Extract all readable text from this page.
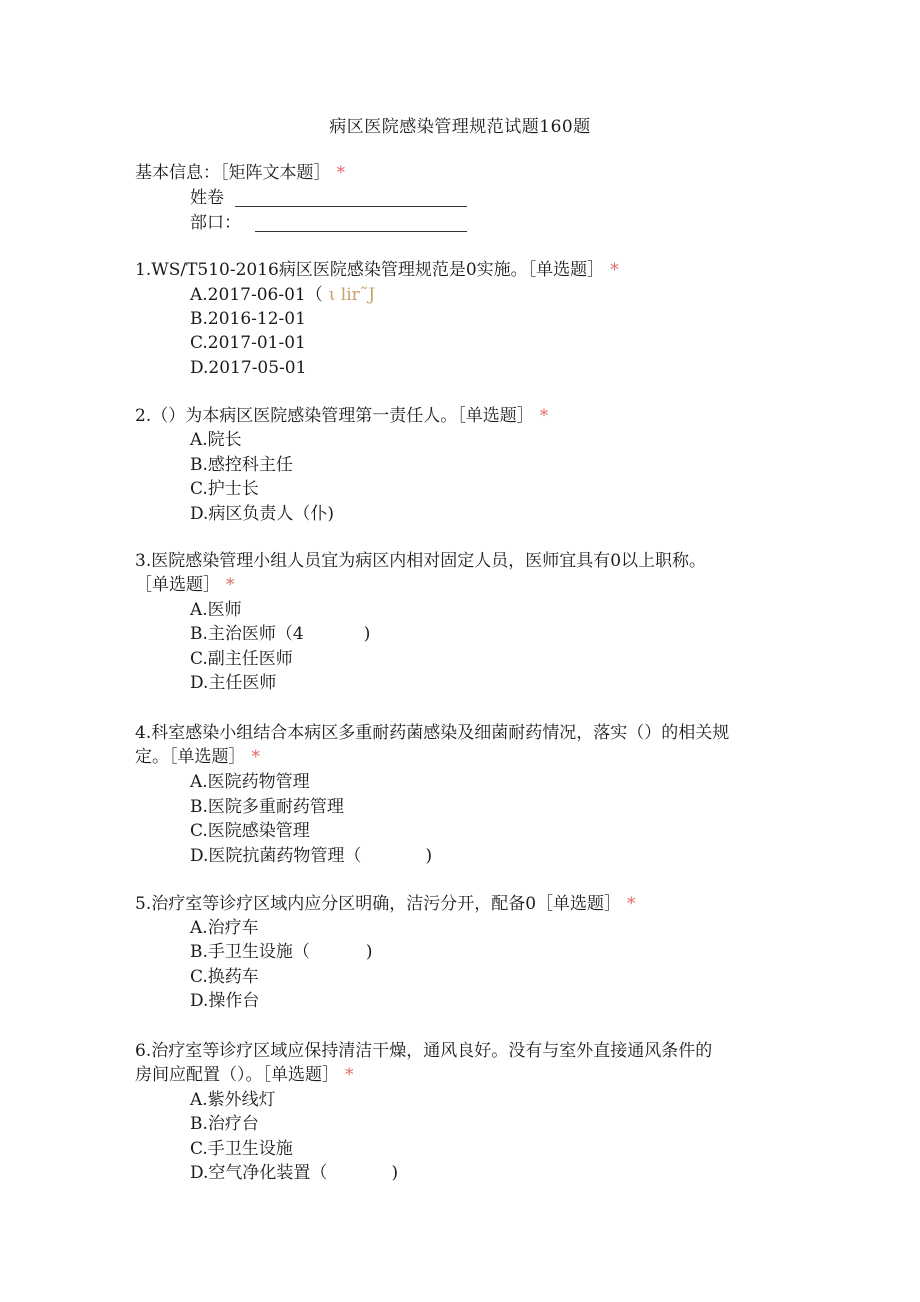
病区医院感染管理规范试题160题
基本信息：［矩阵文本题］ *
姓卷
部口：
1.WS/T510-2016病区医院感染管理规范是0实施。［单选题］ *
A.2017-06-01（ ι lir˜J
B.2016-12-01
C.2017-01-01
D.2017-05-01
2.（）为本病区医院感染管理第一责任人。［单选题］ *
A.院长
B.感控科主任
C.护士长
D.病区负责人（仆)
3.医院感染管理小组人员宜为病区内相对固定人员，医师宜具有0以上职称。
［单选题］ *
A.医师
B.主治医师（4	)
C.副主任医师
D.主任医师
4.科室感染小组结合本病区多重耐药菌感染及细菌耐药情况，落实（）的相关规
定。［单选题］ *
A.医院药物管理
B.医院多重耐药管理
C.医院感染管理
D.医院抗菌药物管理（	)
5.治疗室等诊疗区域内应分区明确，洁污分开，配备0［单选题］ *
A.治疗车
B.手卫生设施（	)
C.换药车
D.操作台
6.治疗室等诊疗区域应保持清洁干燥，通风良好。没有与室外直接通风条件的
房间应配置（）。［单选题］ *
A.紫外线灯
B.治疗台
C.手卫生设施
D.空气净化装置（	)
